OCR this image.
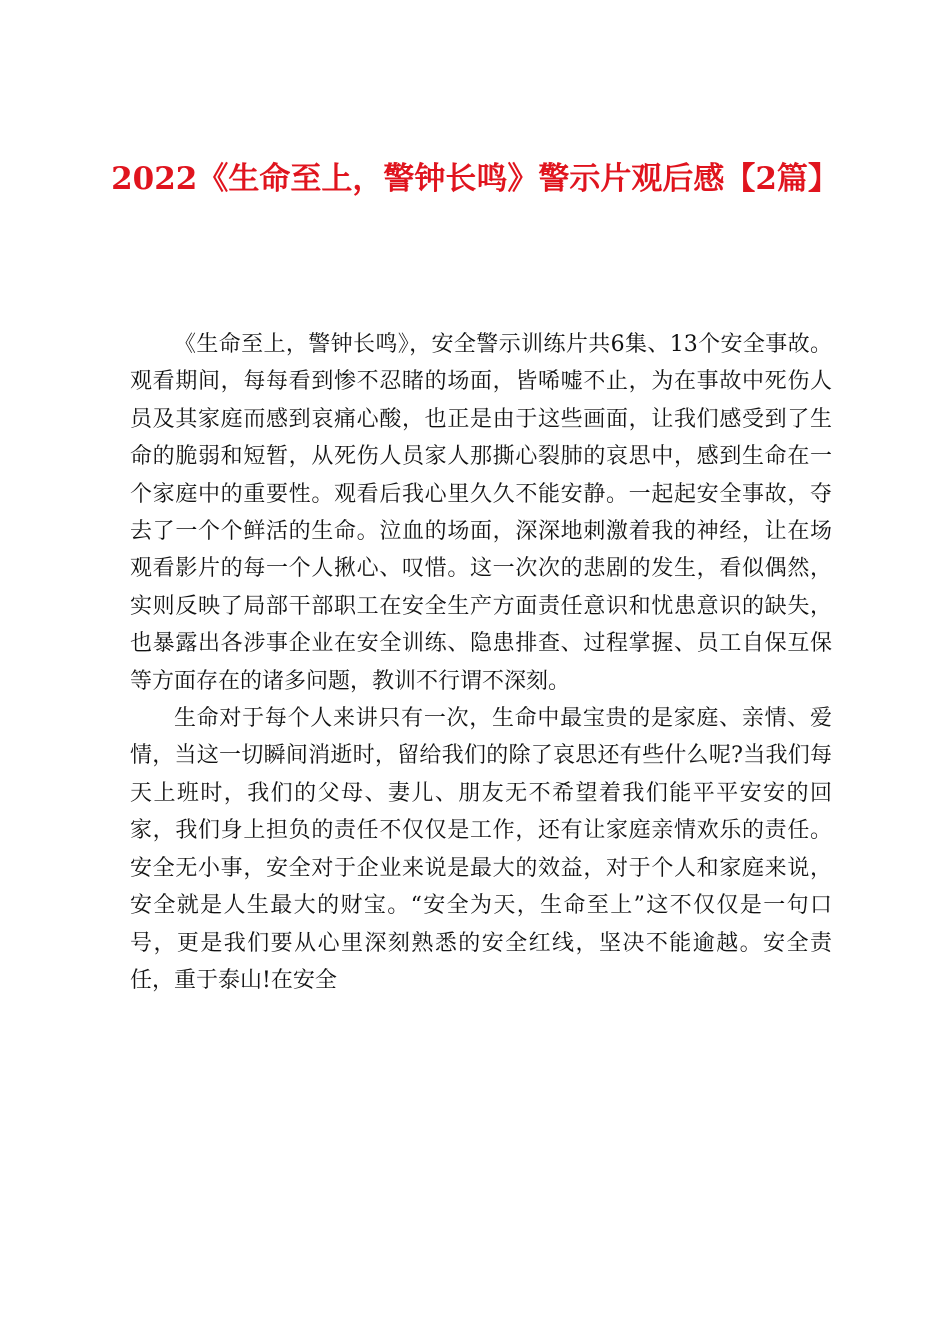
2022《生命至上，警钟长鸣》警示片观后感【2篇】

《生命至上，警钟长鸣》，安全警示训练片共6集、13个安全事故。观看期间，每每看到惨不忍睹的场面，皆唏嘘不止，为在事故中死伤人员及其家庭而感到哀痛心酸，也正是由于这些画面，让我们感受到了生命的脆弱和短暂，从死伤人员家人那撕心裂肺的哀思中，感到生命在一个家庭中的重要性。观看后我心里久久不能安静。一起起安全事故，夺去了一个个鲜活的生命。泣血的场面，深深地刺激着我的神经，让在场观看影片的每一个人揪心、叹惜。这一次次的悲剧的发生，看似偶然，实则反映了局部干部职工在安全生产方面责任意识和忧患意识的缺失，也暴露出各涉事企业在安全训练、隐患排查、过程掌握、员工自保互保等方面存在的诸多问题，教训不行谓不深刻。

生命对于每个人来讲只有一次，生命中最宝贵的是家庭、亲情、爱情，当这一切瞬间消逝时，留给我们的除了哀思还有些什么呢?当我们每天上班时，我们的父母、妻儿、朋友无不希望着我们能平平安安的回家，我们身上担负的责任不仅仅是工作，还有让家庭亲情欢乐的责任。安全无小事，安全对于企业来说是最大的效益，对于个人和家庭来说，安全就是人生最大的财宝。“安全为天，生命至上”这不仅仅是一句口号，更是我们要从心里深刻熟悉的安全红线，坚决不能逾越。安全责任，重于泰山!在安全
